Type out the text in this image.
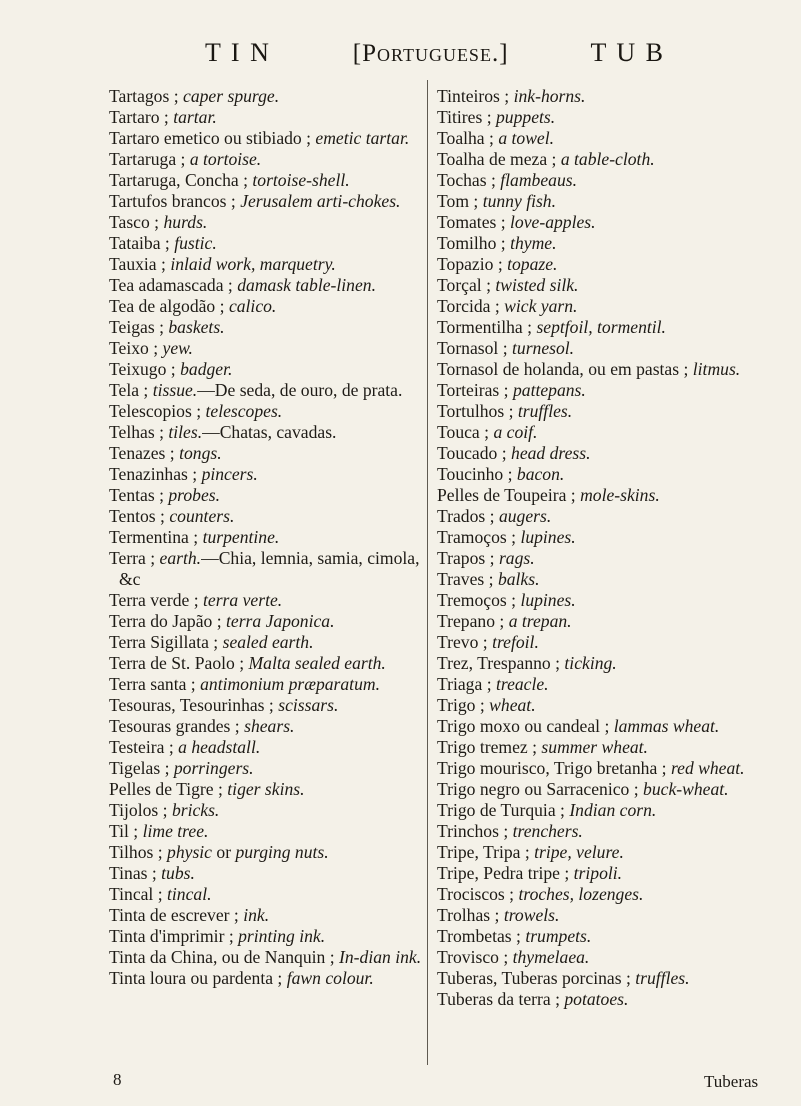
T I N	[Portuguese.]	T U B
Tartagos ; caper spurge.
Tartaro ; tartar.
Tartaro emetico ou stibiado ; emetic tartar.
Tartaruga ; a tortoise.
Tartaruga, Concha ; tortoise-shell.
Tartufos brancos ; Jerusalem arti-chokes.
Tasco ; hurds.
Tataiba ; fustic.
Tauxia ; inlaid work, marquetry.
Tea adamascada ; damask table-linen.
Tea de algodão ; calico.
Teigas ; baskets.
Teixo ; yew.
Teixugo ; badger.
Tela ; tissue.—De seda, de ouro, de prata.
Telescopios ; telescopes.
Telhas ; tiles.—Chatas, cavadas.
Tenazes ; tongs.
Tenazinhas ; pincers.
Tentas ; probes.
Tentos ; counters.
Termentina ; turpentine.
Terra ; earth.—Chia, lemnia, samia, cimola, &c
Terra verde ; terra verte.
Terra do Japão ; terra Japonica.
Terra Sigillata ; sealed earth.
Terra de St. Paolo ; Malta sealed earth.
Terra santa ; antimonium præparatum.
Tesouras, Tesourinhas ; scissars.
Tesouras grandes ; shears.
Testeira ; a headstall.
Tigelas ; porringers.
Pelles de Tigre ; tiger skins.
Tijolos ; bricks.
Til ; lime tree.
Tilhos ; physic or purging nuts.
Tinas ; tubs.
Tincal ; tincal.
Tinta de escrever ; ink.
Tinta d'imprimir ; printing ink.
Tinta da China, ou de Nanquin ; In-dian ink.
Tinta loura ou pardenta ; fawn colour.
Tinteiros ; ink-horns.
Titires ; puppets.
Toalha ; a towel.
Toalha de meza ; a table-cloth.
Tochas ; flambeaus.
Tom ; tunny fish.
Tomates ; love-apples.
Tomilho ; thyme.
Topazio ; topaze.
Torçal ; twisted silk.
Torcida ; wick yarn.
Tormentilha ; septfoil, tormentil.
Tornasol ; turnesol.
Tornasol de holanda, ou em pastas ; litmus.
Torteiras ; pattepans.
Tortulhos ; truffles.
Touca ; a coif.
Toucado ; head dress.
Toucinho ; bacon.
Pelles de Toupeira ; mole-skins.
Trados ; augers.
Tramoços ; lupines.
Trapos ; rags.
Traves ; balks.
Tremoços ; lupines.
Trepano ; a trepan.
Trevo ; trefoil.
Trez, Trespanno ; ticking.
Triaga ; treacle.
Trigo ; wheat.
Trigo moxo ou candeal ; lammas wheat.
Trigo tremez ; summer wheat.
Trigo mourisco, Trigo bretanha ; red wheat.
Trigo negro ou Sarracenico ; buck-wheat.
Trigo de Turquia ; Indian corn.
Trinchos ; trenchers.
Tripe, Tripa ; tripe, velure.
Tripe, Pedra tripe ; tripoli.
Trociscos ; troches, lozenges.
Trolhas ; trowels.
Trombetas ; trumpets.
Trovisco ; thymelaea.
Tuberas, Tuberas porcinas ; truffles.
Tuberas da terra ; potatoes.
8	Tuberas
